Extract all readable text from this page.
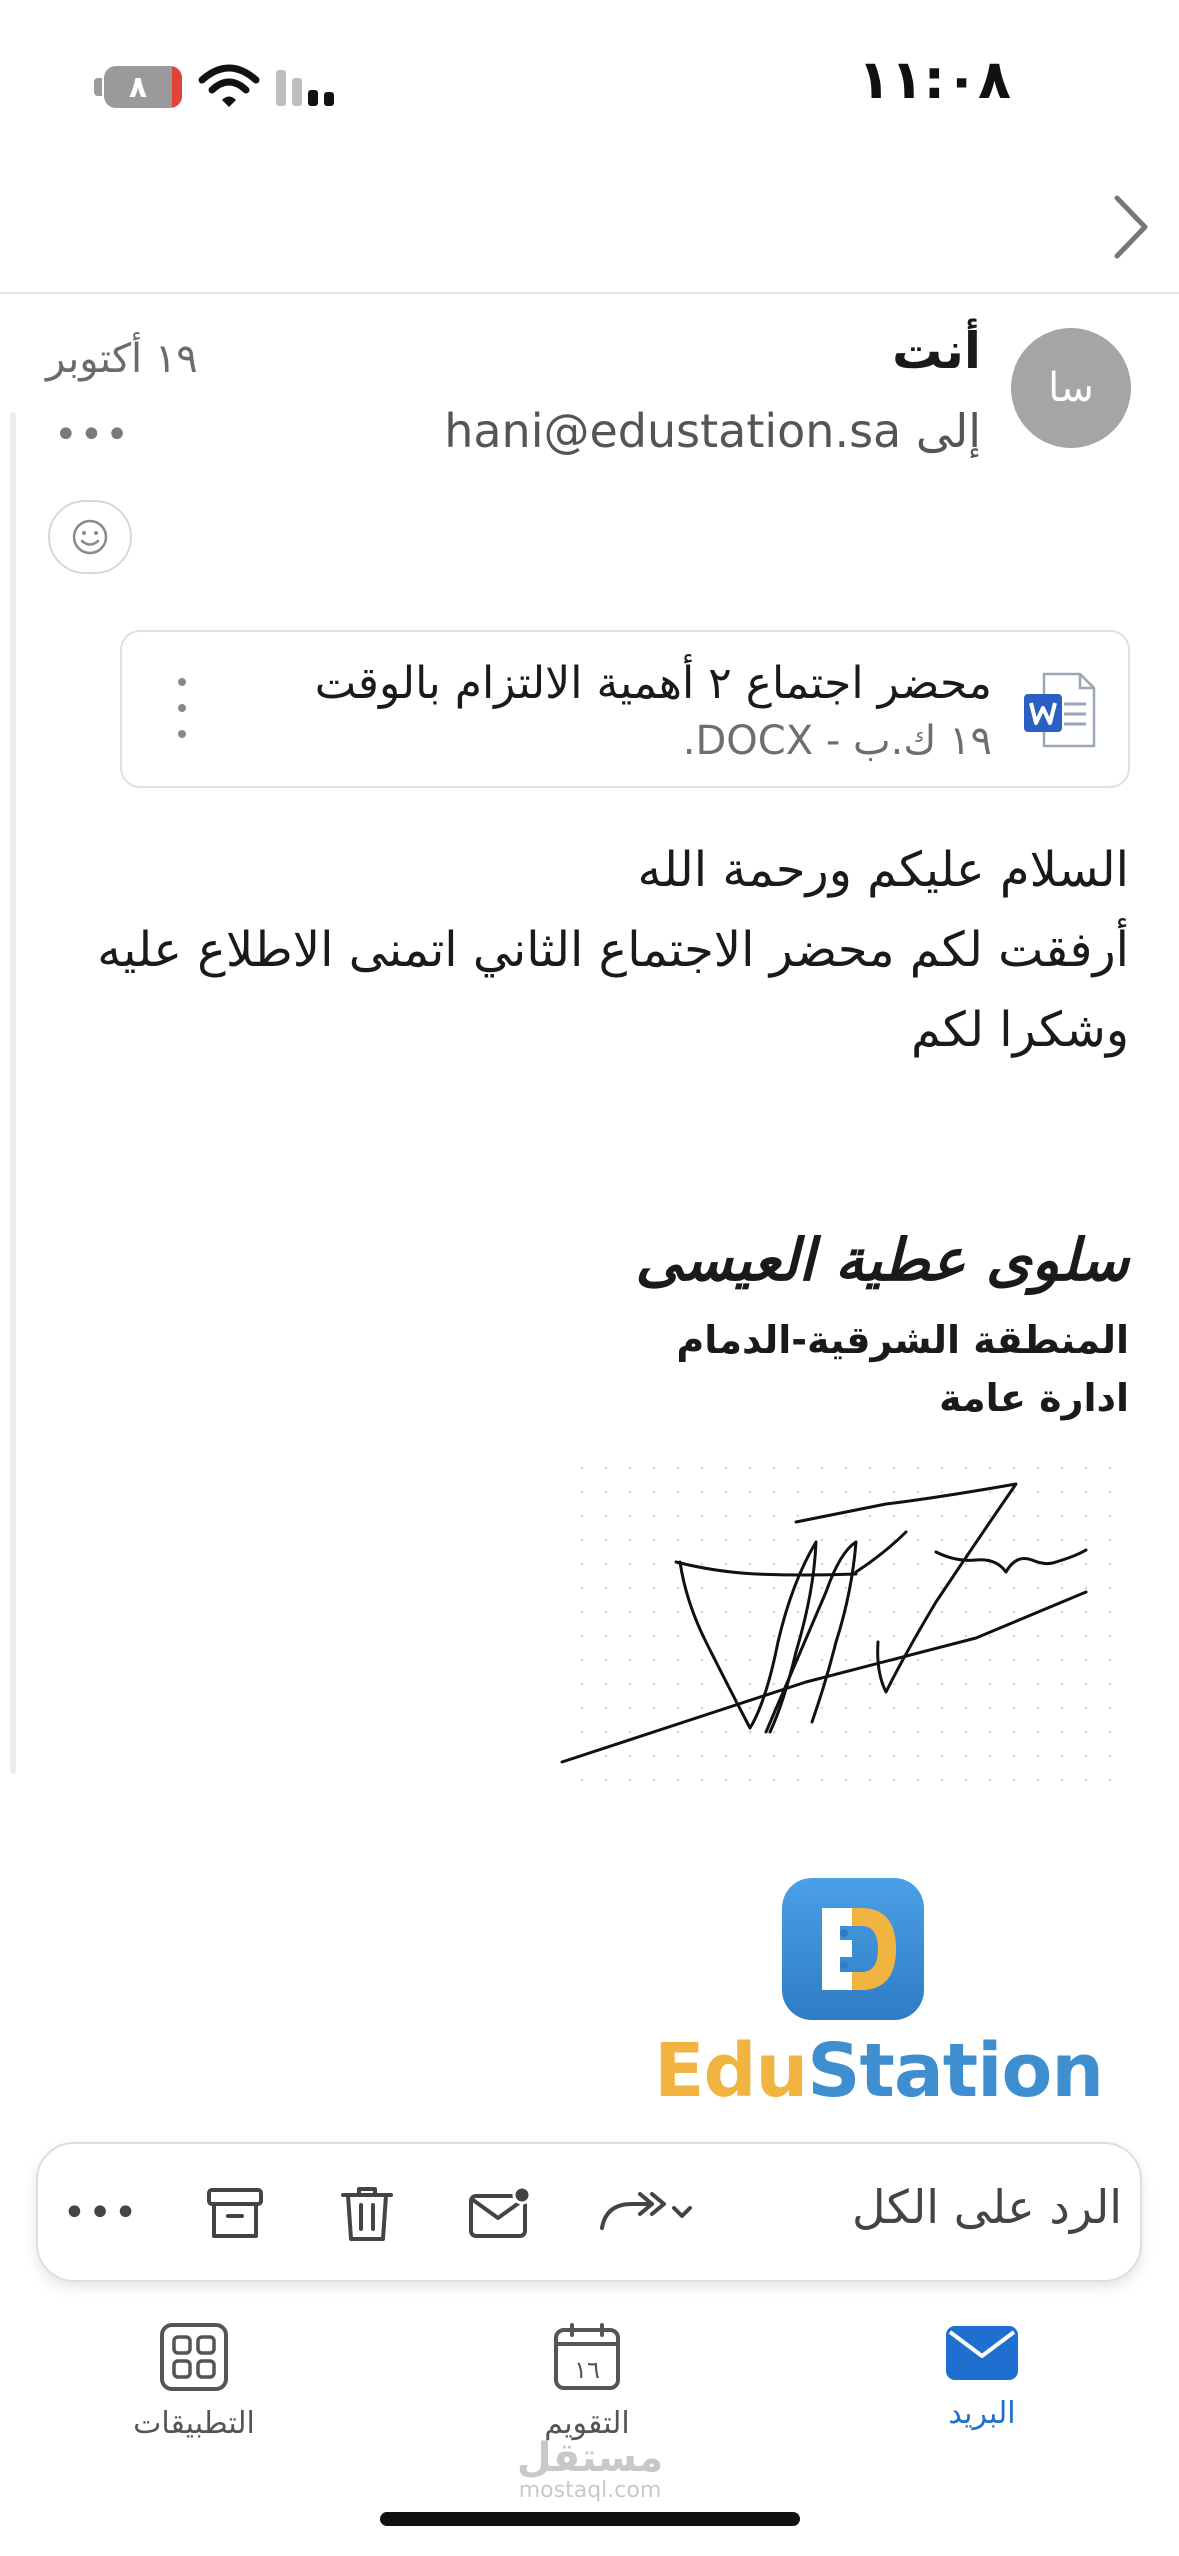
١١:٠٨
٨
سا
أنت
إلى hani@edustation.sa
١٩ أكتوبر
•••
محضر اجتماع ٢ أهمية الالتزام بالوقت
١٩ ك.ب - DOCX.
السلام عليكم ورحمة الله
أرفقت لكم محضر الاجتماع الثاني اتمنى الاطلاع عليه
وشكرا لكم
سلوى عطية العيسى
المنطقة الشرقية-الدمام
ادارة عامة
EduStation
الرد على الكل
•••
البريد
١٦
التقويم
التطبيقات
مستقل
mostaql.com
